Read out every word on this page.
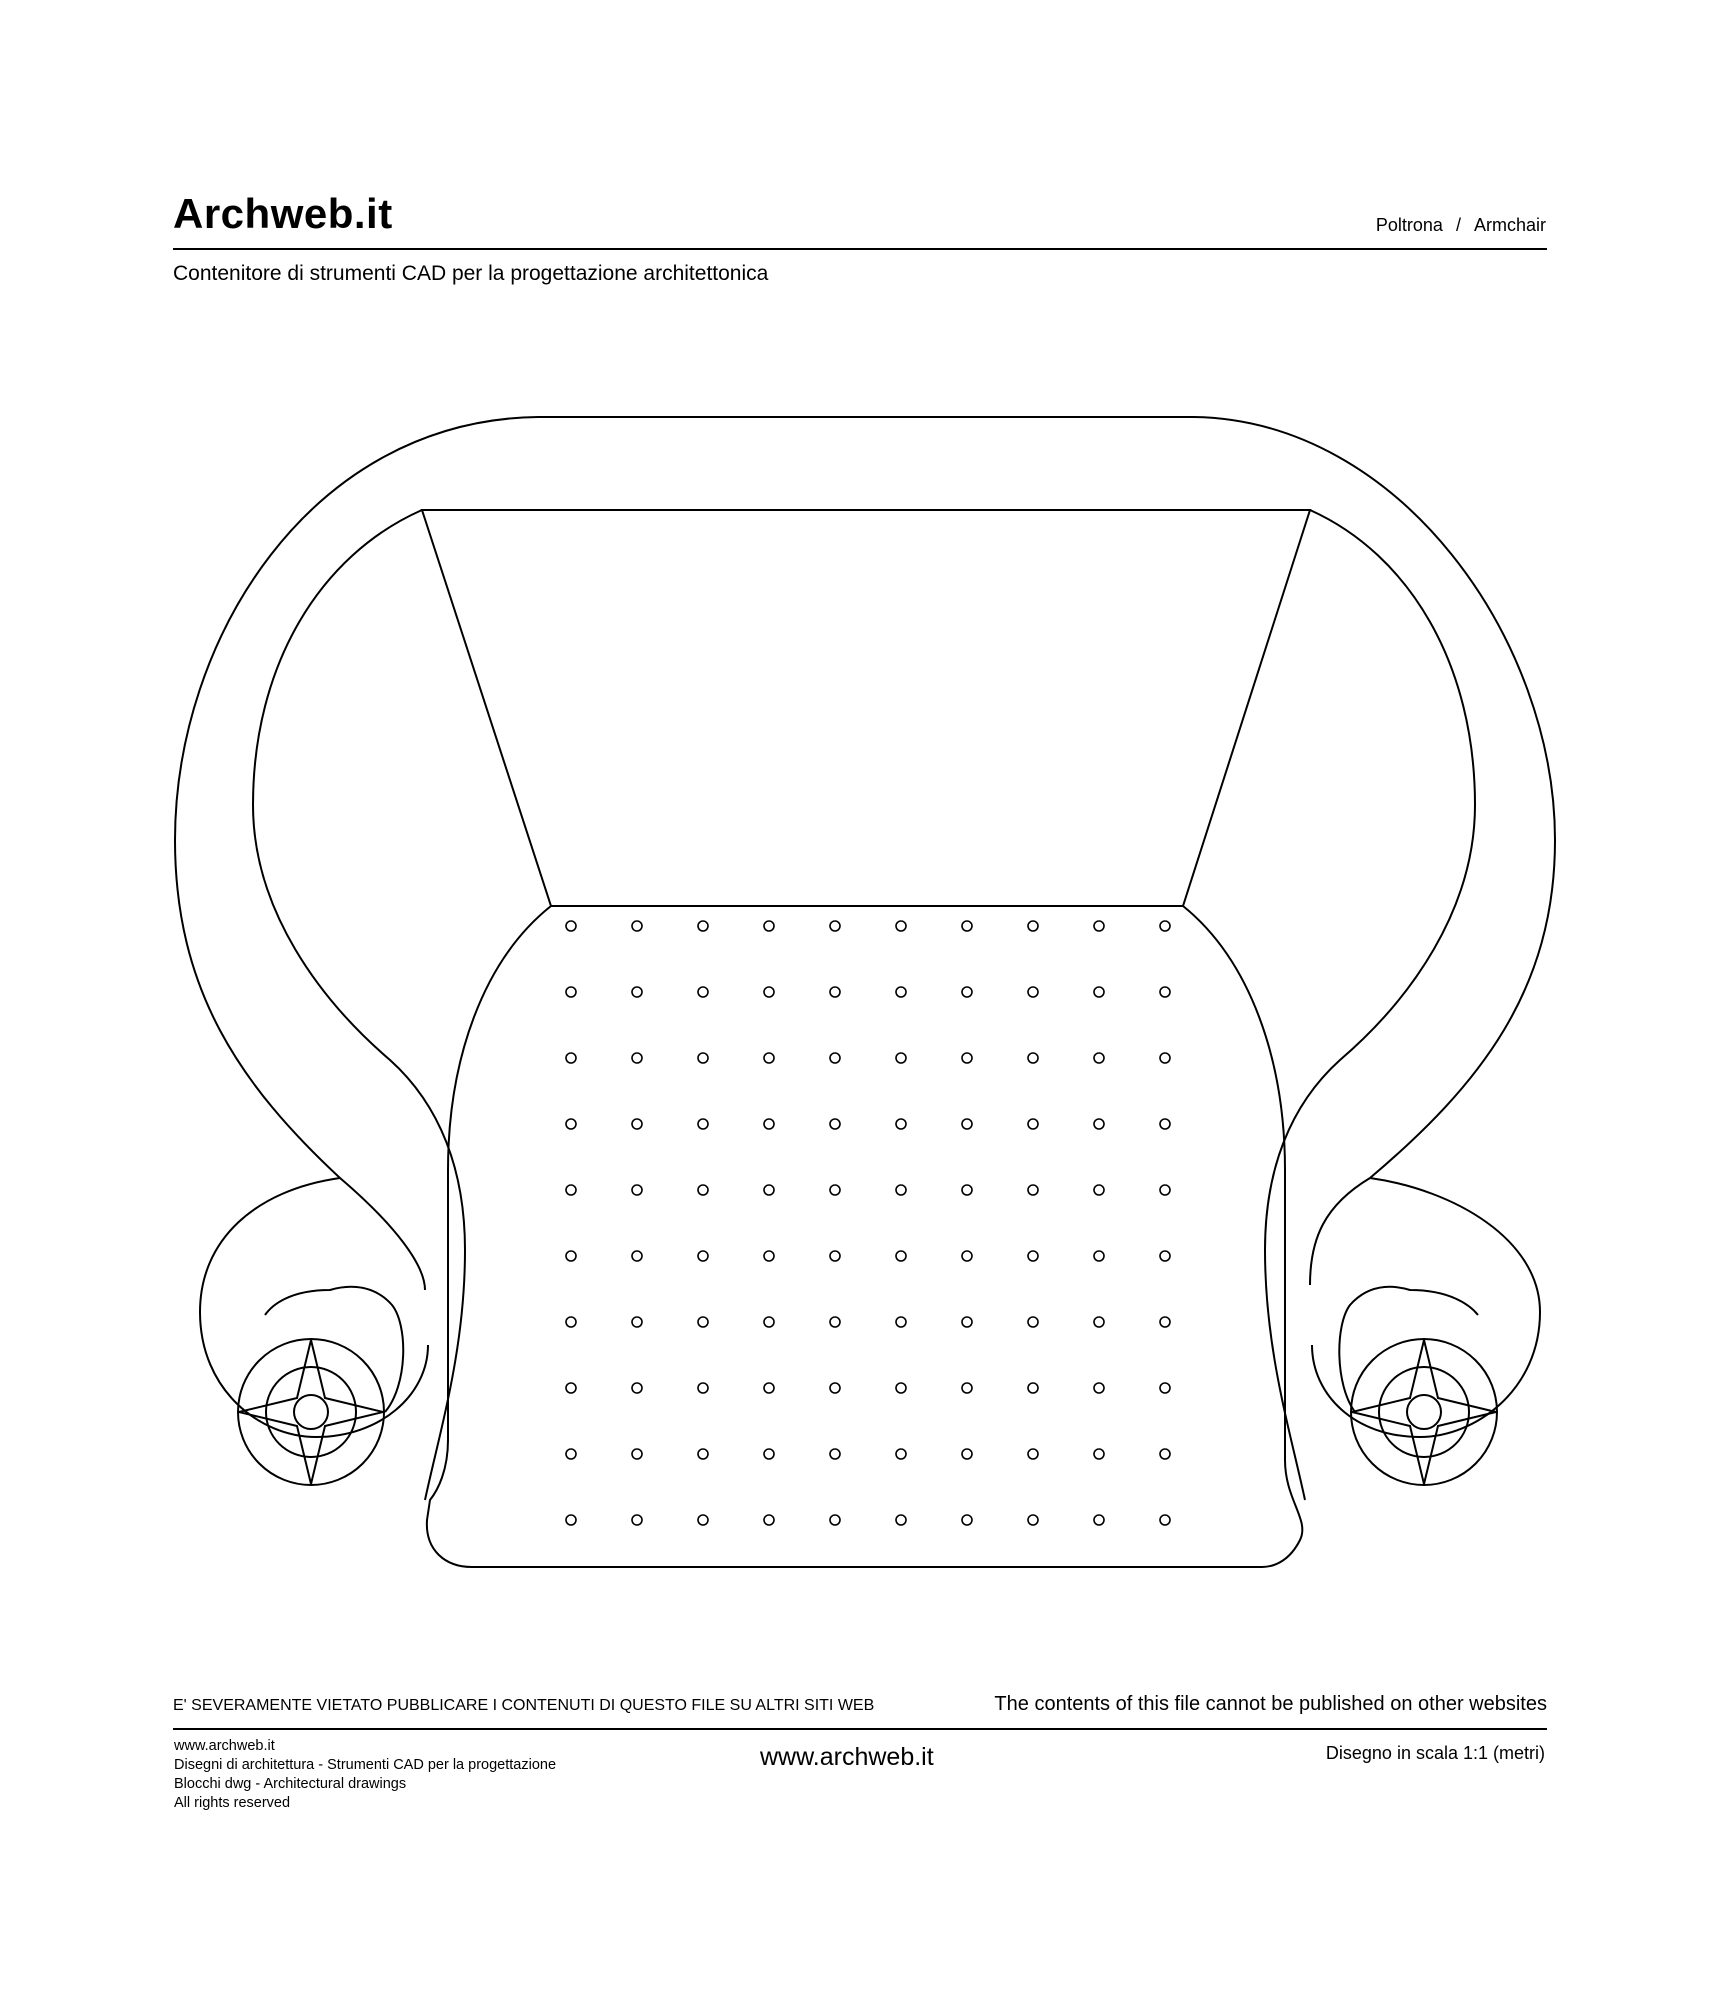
Archweb.it	Poltrona / Armchair
Contenitore di strumenti CAD per la progettazione architettonica
E' SEVERAMENTE VIETATO PUBBLICARE I CONTENUTI DI QUESTO FILE SU ALTRI SITI WEB	The contents of this file cannot be published on other websites
www.archweb.it
Disegni di architettura - Strumenti CAD per la progettazione
Blocchi dwg - Architectural drawings
All rights reserved
www.archweb.it	Disegno in scala 1:1 (metri)
